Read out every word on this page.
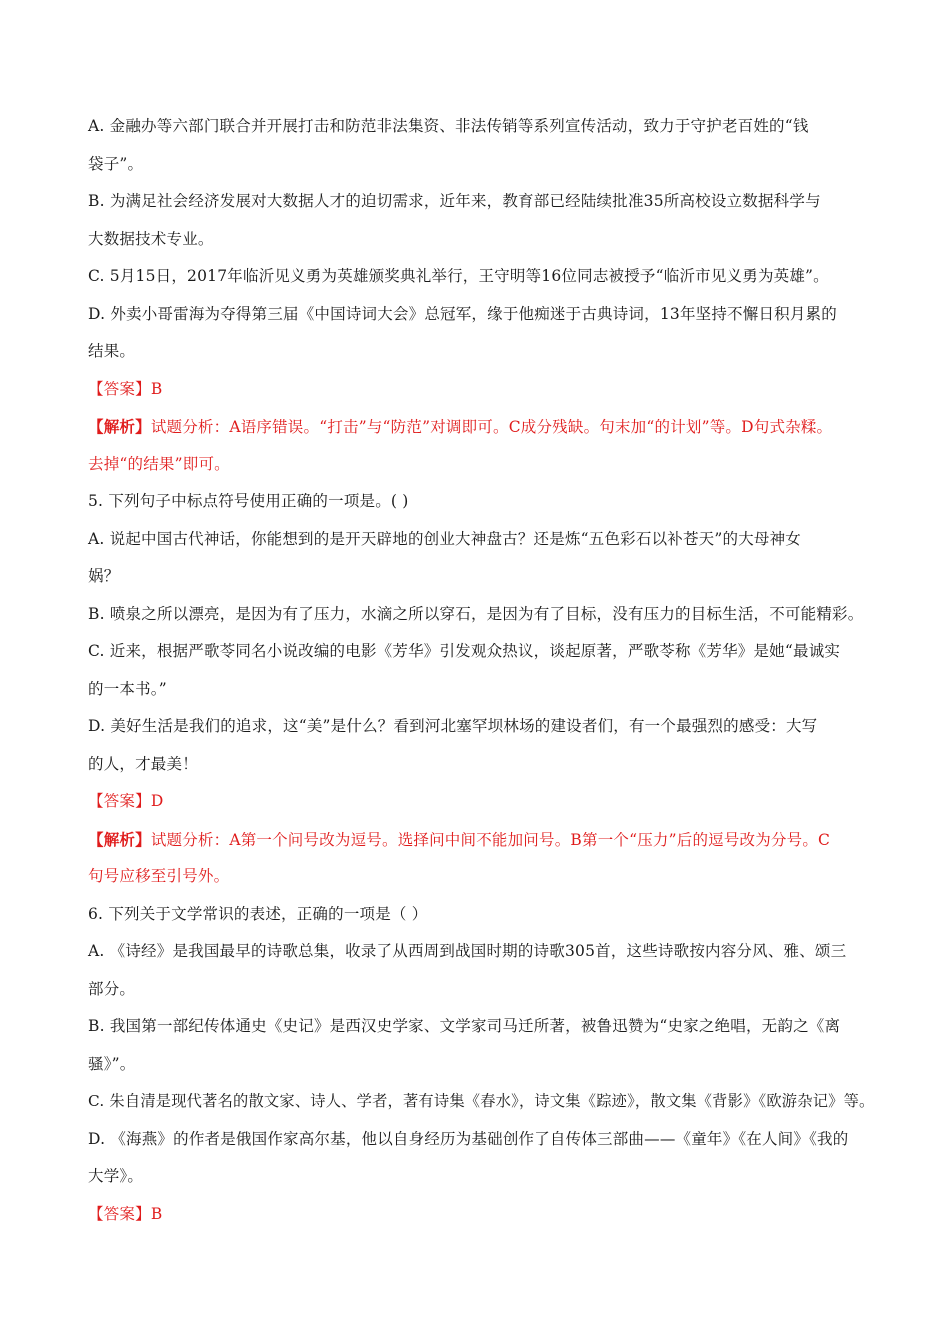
A. 金融办等六部门联合并开展打击和防范非法集资、非法传销等系列宣传活动，致力于守护老百姓的“钱
袋子”。
B. 为满足社会经济发展对大数据人才的迫切需求，近年来，教育部已经陆续批准35所高校设立数据科学与
大数据技术专业。
C. 5月15日，2017年临沂见义勇为英雄颁奖典礼举行，王守明等16位同志被授予“临沂市见义勇为英雄”。
D. 外卖小哥雷海为夺得第三届《中国诗词大会》总冠军，缘于他痴迷于古典诗词，13年坚持不懈日积月累的
结果。
【答案】B
【解析】试题分析：A语序错误。“打击”与“防范”对调即可。C成分残缺。句末加“的计划”等。D句式杂糅。
去掉“的结果”即可。
5. 下列句子中标点符号使用正确的一项是。( )
A. 说起中国古代神话，你能想到的是开天辟地的创业大神盘古？还是炼“五色彩石以补苍天”的大母神女
娲？
B. 喷泉之所以漂亮，是因为有了压力，水滴之所以穿石，是因为有了目标，没有压力的目标生活，不可能精彩。
C. 近来，根据严歌苓同名小说改编的电影《芳华》引发观众热议，谈起原著，严歌苓称《芳华》是她“最诚实
的一本书。”
D. 美好生活是我们的追求，这“美”是什么？看到河北塞罕坝林场的建设者们，有一个最强烈的感受：大写
的人，才最美！
【答案】D
【解析】试题分析：A第一个问号改为逗号。选择问中间不能加问号。B第一个“压力”后的逗号改为分号。C
句号应移至引号外。
6. 下列关于文学常识的表述，正确的一项是（ ）
A. 《诗经》是我国最早的诗歌总集，收录了从西周到战国时期的诗歌305首，这些诗歌按内容分风、雅、颂三
部分。
B. 我国第一部纪传体通史《史记》是西汉史学家、文学家司马迁所著，被鲁迅赞为“史家之绝唱，无韵之《离
骚》”。
C. 朱自清是现代著名的散文家、诗人、学者，著有诗集《春水》，诗文集《踪迹》，散文集《背影》《欧游杂记》等。
D. 《海燕》的作者是俄国作家高尔基，他以自身经历为基础创作了自传体三部曲——《童年》《在人间》《我的
大学》。
【答案】B
